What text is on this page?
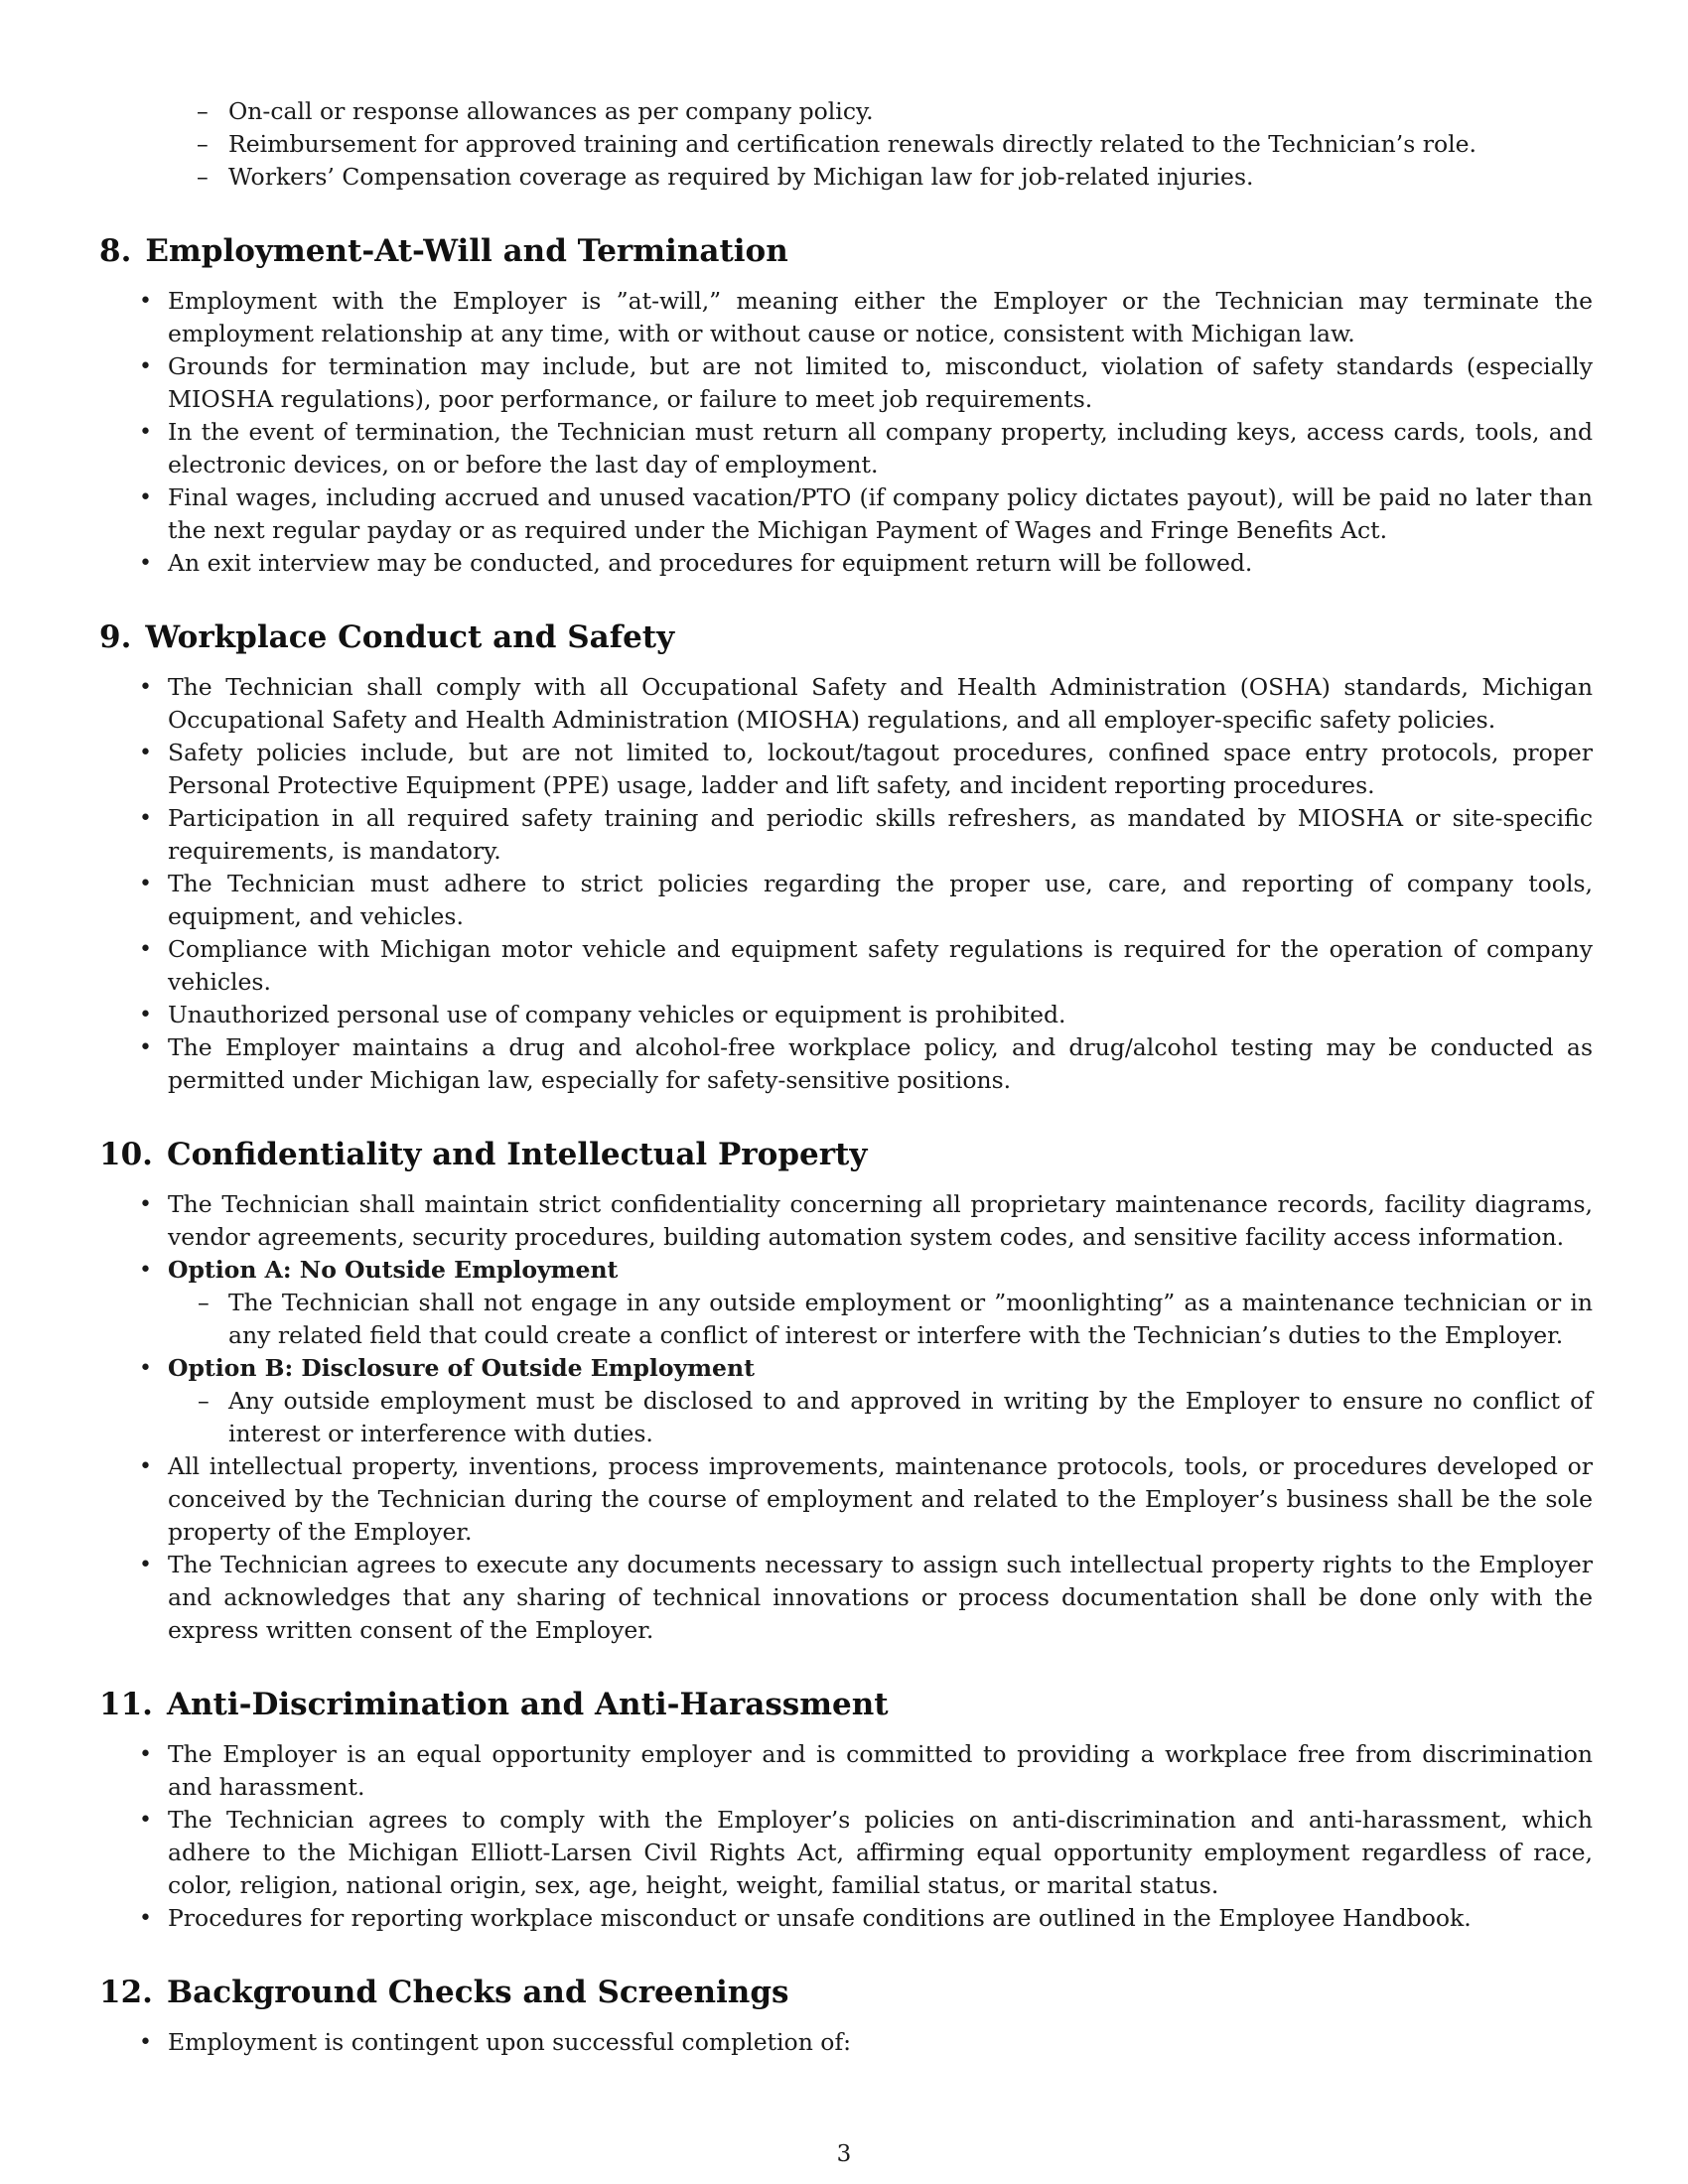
– On-call or response allowances as per company policy.
– Reimbursement for approved training and certification renewals directly related to the Technician’s role.
– Workers’ Compensation coverage as required by Michigan law for job-related injuries.
8. Employment-At-Will and Termination
• Employment with the Employer is ”at-will,” meaning either the Employer or the Technician may terminate the employment relationship at any time, with or without cause or notice, consistent with Michigan law.
• Grounds for termination may include, but are not limited to, misconduct, violation of safety standards (especially MIOSHA regulations), poor performance, or failure to meet job requirements.
• In the event of termination, the Technician must return all company property, including keys, access cards, tools, and electronic devices, on or before the last day of employment.
• Final wages, including accrued and unused vacation/PTO (if company policy dictates payout), will be paid no later than the next regular payday or as required under the Michigan Payment of Wages and Fringe Benefits Act.
• An exit interview may be conducted, and procedures for equipment return will be followed.
9. Workplace Conduct and Safety
• The Technician shall comply with all Occupational Safety and Health Administration (OSHA) standards, Michigan Occupational Safety and Health Administration (MIOSHA) regulations, and all employer-specific safety policies.
• Safety policies include, but are not limited to, lockout/tagout procedures, confined space entry protocols, proper Personal Protective Equipment (PPE) usage, ladder and lift safety, and incident reporting procedures.
• Participation in all required safety training and periodic skills refreshers, as mandated by MIOSHA or site-specific requirements, is mandatory.
• The Technician must adhere to strict policies regarding the proper use, care, and reporting of company tools, equipment, and vehicles.
• Compliance with Michigan motor vehicle and equipment safety regulations is required for the operation of company vehicles.
• Unauthorized personal use of company vehicles or equipment is prohibited.
• The Employer maintains a drug and alcohol-free workplace policy, and drug/alcohol testing may be conducted as permitted under Michigan law, especially for safety-sensitive positions.
10. Confidentiality and Intellectual Property
• The Technician shall maintain strict confidentiality concerning all proprietary maintenance records, facility diagrams, vendor agreements, security procedures, building automation system codes, and sensitive facility access information.
• Option A: No Outside Employment
– The Technician shall not engage in any outside employment or ”moonlighting” as a maintenance technician or in any related field that could create a conflict of interest or interfere with the Technician’s duties to the Employer.
• Option B: Disclosure of Outside Employment
– Any outside employment must be disclosed to and approved in writing by the Employer to ensure no conflict of interest or interference with duties.
• All intellectual property, inventions, process improvements, maintenance protocols, tools, or procedures developed or conceived by the Technician during the course of employment and related to the Employer’s business shall be the sole property of the Employer.
• The Technician agrees to execute any documents necessary to assign such intellectual property rights to the Employer and acknowledges that any sharing of technical innovations or process documentation shall be done only with the express written consent of the Employer.
11. Anti-Discrimination and Anti-Harassment
• The Employer is an equal opportunity employer and is committed to providing a workplace free from discrimination and harassment.
• The Technician agrees to comply with the Employer’s policies on anti-discrimination and anti-harassment, which adhere to the Michigan Elliott-Larsen Civil Rights Act, affirming equal opportunity employment regardless of race, color, religion, national origin, sex, age, height, weight, familial status, or marital status.
• Procedures for reporting workplace misconduct or unsafe conditions are outlined in the Employee Handbook.
12. Background Checks and Screenings
• Employment is contingent upon successful completion of:
3
